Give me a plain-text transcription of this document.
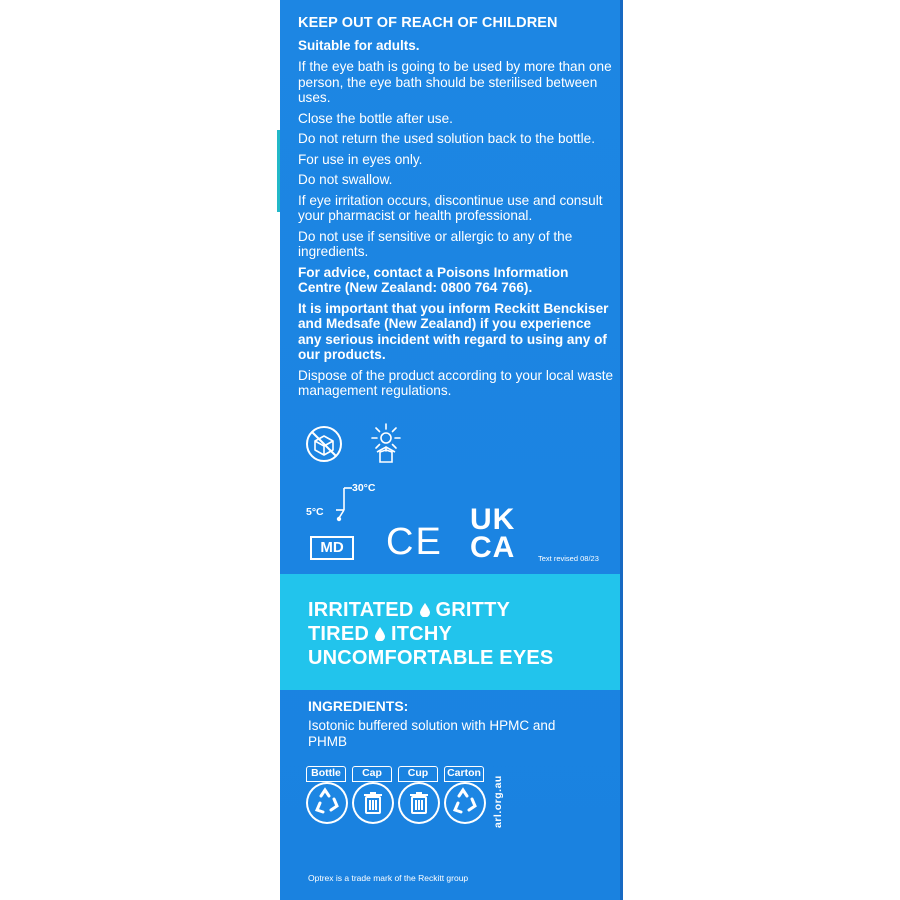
KEEP OUT OF REACH OF CHILDREN
Suitable for adults.
If the eye bath is going to be used by more than one person, the eye bath should be sterilised between uses.
Close the bottle after use.
Do not return the used solution back to the bottle.
For use in eyes only.
Do not swallow.
If eye irritation occurs, discontinue use and consult your pharmacist or health professional.
Do not use if sensitive or allergic to any of the ingredients.
For advice, contact a Poisons Information Centre (New Zealand: 0800 764 766).
It is important that you inform Reckitt Benckiser and Medsafe (New Zealand) if you experience any serious incident with regard to using any of our products.
Dispose of the product according to your local waste management regulations.
5°C
30°C
MD CE
UK
CA	Text revised 08/23
IRRITATED GRITTY
TIRED ITCHY
UNCOMFORTABLE EYES
INGREDIENTS:
Isotonic buffered solution with HPMC and PHMB
Bottle	Cap	Cup	Carton
arl.org.au
Optrex is a trade mark of the Reckitt group
